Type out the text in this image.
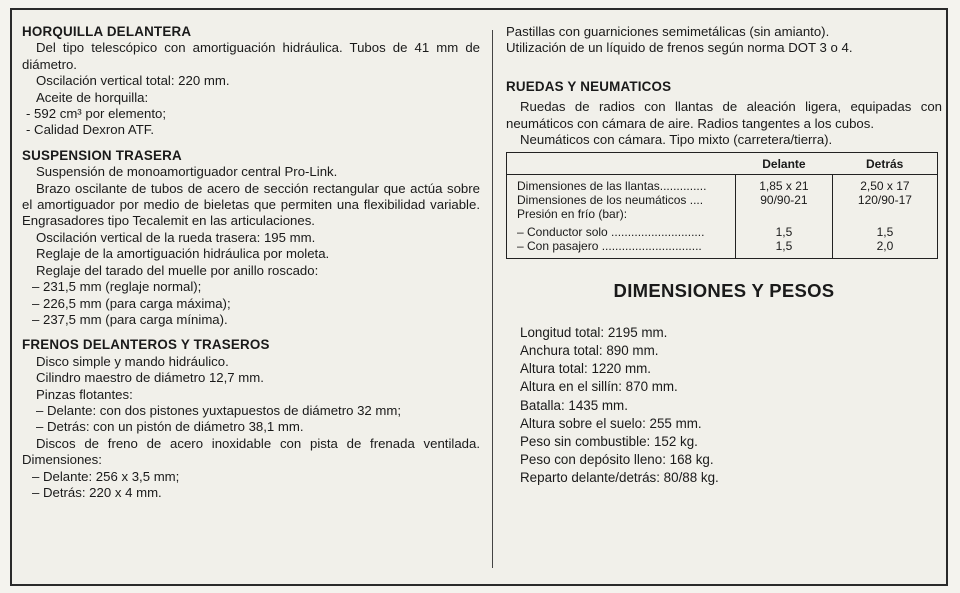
HORQUILLA DELANTERA

Del tipo telescópico con amortiguación hidráulica. Tubos de 41 mm de diámetro.

Oscilación vertical total: 220 mm.

Aceite de horquilla:

- 592 cm³ por elemento;

- Calidad Dexron ATF.

SUSPENSION TRASERA

Suspensión de monoamortiguador central Pro-Link.

Brazo oscilante de tubos de acero de sección rectangular que actúa sobre el amortiguador por medio de bieletas que permiten una flexibilidad variable. Engrasadores tipo Tecalemit en las articulaciones.

Oscilación vertical de la rueda trasera: 195 mm.

Reglaje de la amortiguación hidráulica por moleta.

Reglaje del tarado del muelle por anillo roscado:

– 231,5 mm (reglaje normal);

– 226,5 mm (para carga máxima);

– 237,5 mm (para carga mínima).

FRENOS DELANTEROS Y TRASEROS

Disco simple y mando hidráulico.

Cilindro maestro de diámetro 12,7 mm.

Pinzas flotantes:

– Delante: con dos pistones yuxtapuestos de diámetro 32 mm;

– Detrás: con un pistón de diámetro 38,1 mm.

Discos de freno de acero inoxidable con pista de frenada ventilada. Dimensiones:

– Delante: 256 x 3,5 mm;

– Detrás: 220 x 4 mm.

Pastillas con guarniciones semimetálicas (sin amianto).

Utilización de un líquido de frenos según norma DOT 3 o 4.

RUEDAS Y NEUMATICOS

Ruedas de radios con llantas de aleación ligera, equipadas con neumáticos con cámara de aire. Radios tangentes a los cubos.

Neumáticos con cámara. Tipo mixto (carretera/tierra).

	Delante	Detrás
Dimensiones de las llantas..............	1,85 x 21	2,50 x 17
Dimensiones de los neumáticos ....	90/90-21	120/90-17
Presión en frío (bar):		
– Conductor solo ............................	1,5	1,5
– Con pasajero ..............................	1,5	2,0
DIMENSIONES Y PESOS

Longitud total: 2195 mm.

Anchura total: 890 mm.

Altura total: 1220 mm.

Altura en el sillín: 870 mm.

Batalla: 1435 mm.

Altura sobre el suelo: 255 mm.

Peso sin combustible: 152 kg.

Peso con depósito lleno: 168 kg.

Reparto delante/detrás: 80/88 kg.
